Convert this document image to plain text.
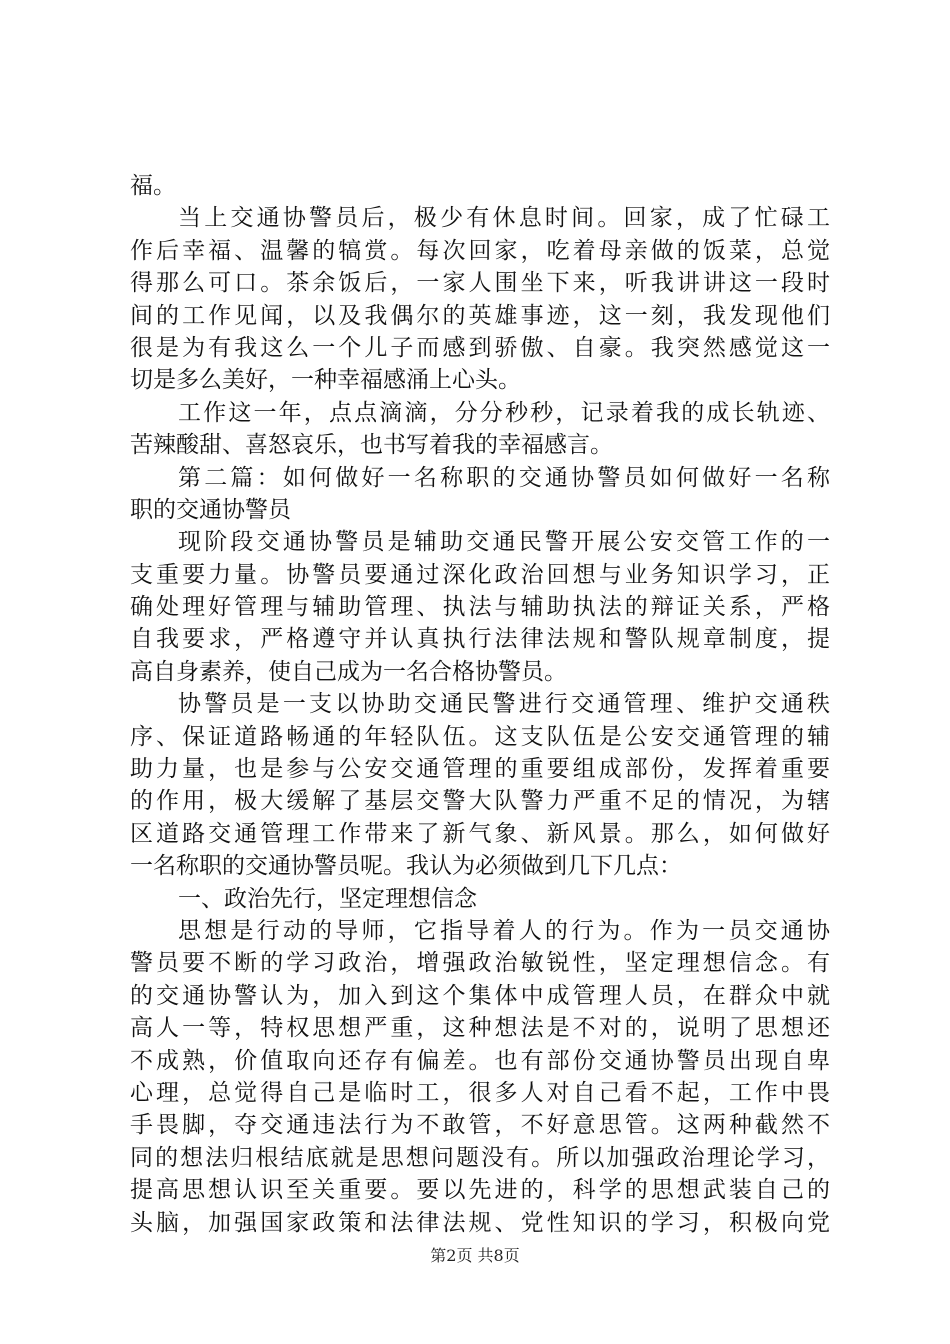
福。
当上交通协警员后，极少有休息时间。回家，成了忙碌工
作后幸福、温馨的犒赏。每次回家，吃着母亲做的饭菜，总觉
得那么可口。茶余饭后，一家人围坐下来，听我讲讲这一段时
间的工作见闻，以及我偶尔的英雄事迹，这一刻，我发现他们
很是为有我这么一个儿子而感到骄傲、自豪。我突然感觉这一
切是多么美好，一种幸福感涌上心头。
工作这一年，点点滴滴，分分秒秒，记录着我的成长轨迹、
苦辣酸甜、喜怒哀乐，也书写着我的幸福感言。
第二篇：如何做好一名称职的交通协警员如何做好一名称
职的交通协警员
现阶段交通协警员是辅助交通民警开展公安交管工作的一
支重要力量。协警员要通过深化政治回想与业务知识学习，正
确处理好管理与辅助管理、执法与辅助执法的辩证关系，严格
自我要求，严格遵守并认真执行法律法规和警队规章制度，提
高自身素养，使自己成为一名合格协警员。
协警员是一支以协助交通民警进行交通管理、维护交通秩
序、保证道路畅通的年轻队伍。这支队伍是公安交通管理的辅
助力量，也是参与公安交通管理的重要组成部份，发挥着重要
的作用，极大缓解了基层交警大队警力严重不足的情况，为辖
区道路交通管理工作带来了新气象、新风景。那么，如何做好
一名称职的交通协警员呢。我认为必须做到几下几点：
一、政治先行，坚定理想信念
思想是行动的导师，它指导着人的行为。作为一员交通协
警员要不断的学习政治，增强政治敏锐性，坚定理想信念。有
的交通协警认为，加入到这个集体中成管理人员，在群众中就
高人一等，特权思想严重，这种想法是不对的，说明了思想还
不成熟，价值取向还存有偏差。也有部份交通协警员出现自卑
心理，总觉得自己是临时工，很多人对自己看不起，工作中畏
手畏脚，夺交通违法行为不敢管，不好意思管。这两种截然不
同的想法归根结底就是思想问题没有。所以加强政治理论学习，
提高思想认识至关重要。要以先进的，科学的思想武装自己的
头脑，加强国家政策和法律法规、党性知识的学习，积极向党
第2页 共8页
